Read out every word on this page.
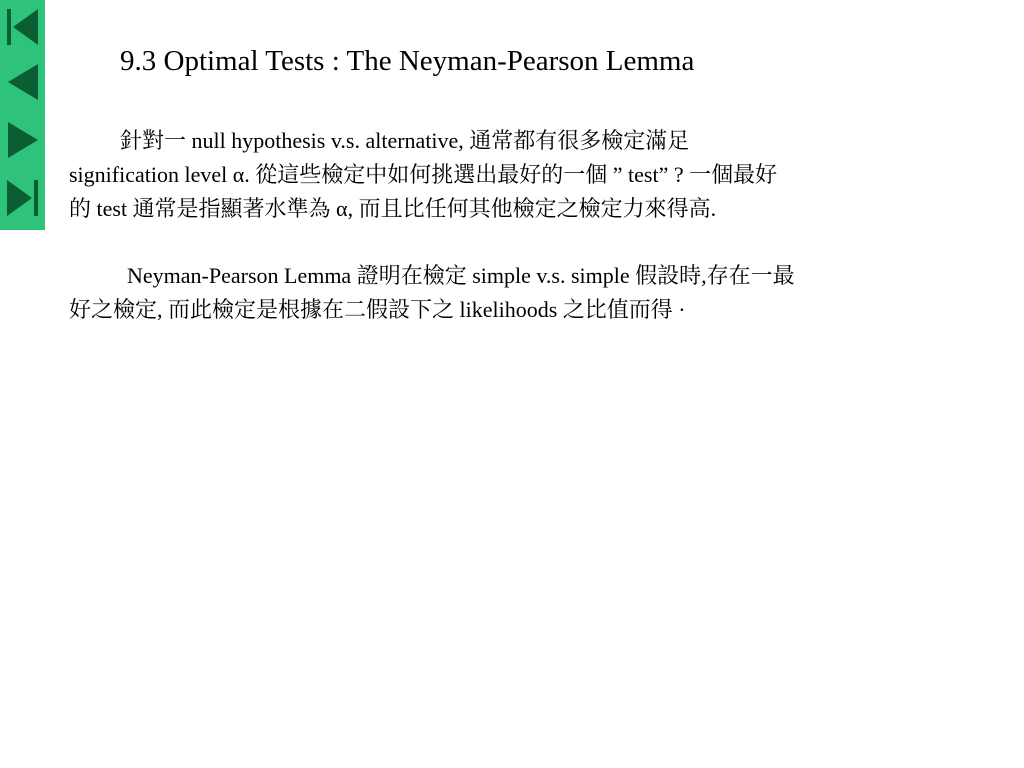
9.3 Optimal Tests : The Neyman-Pearson Lemma
針對一 null hypothesis v.s. alternative, 通常都有很多檢定滿足
signification level α. 從這些檢定中如何挑選出最好的一個 ” test” ? 一個最好
的 test 通常是指顯著水準為 α, 而且比任何其他檢定之檢定力來得高.
Neyman-Pearson Lemma 證明在檢定 simple v.s. simple 假設時,存在一最
好之檢定, 而此檢定是根據在二假設下之 likelihoods 之比值而得 ·
